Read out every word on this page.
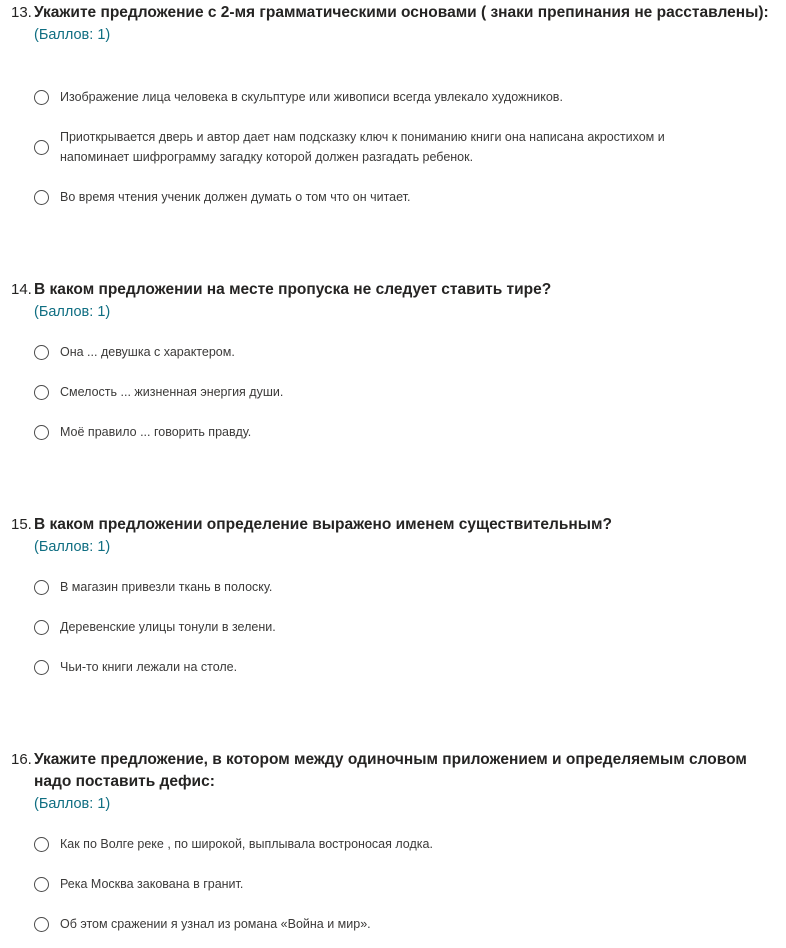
13. Укажите предложение с 2-мя грамматическими основами ( знаки препинания не расставлены):
(Баллов: 1)
Изображение лица человека в скульптуре или живописи всегда увлекало художников.
Приоткрывается дверь и автор дает нам подсказку ключ к пониманию книги она написана акростихом и напоминает шифрограмму загадку которой должен разгадать ребенок.
Во время чтения ученик должен думать о том что он читает.
14. В каком предложении на месте пропуска не следует ставить тире?
(Баллов: 1)
Она ... девушка с характером.
Смелость ... жизненная энергия души.
Моё правило ... говорить правду.
15. В каком предложении определение выражено именем существительным?
(Баллов: 1)
В магазин привезли ткань в полоску.
Деревенские улицы тонули в зелени.
Чьи-то книги лежали на столе.
16. Укажите предложение, в котором между одиночным приложением и определяемым словом надо поставить дефис:
(Баллов: 1)
Как по Волге реке , по широкой, выплывала востроносая лодка.
Река Москва закована в гранит.
Об этом сражении я узнал из романа «Война и мир».
